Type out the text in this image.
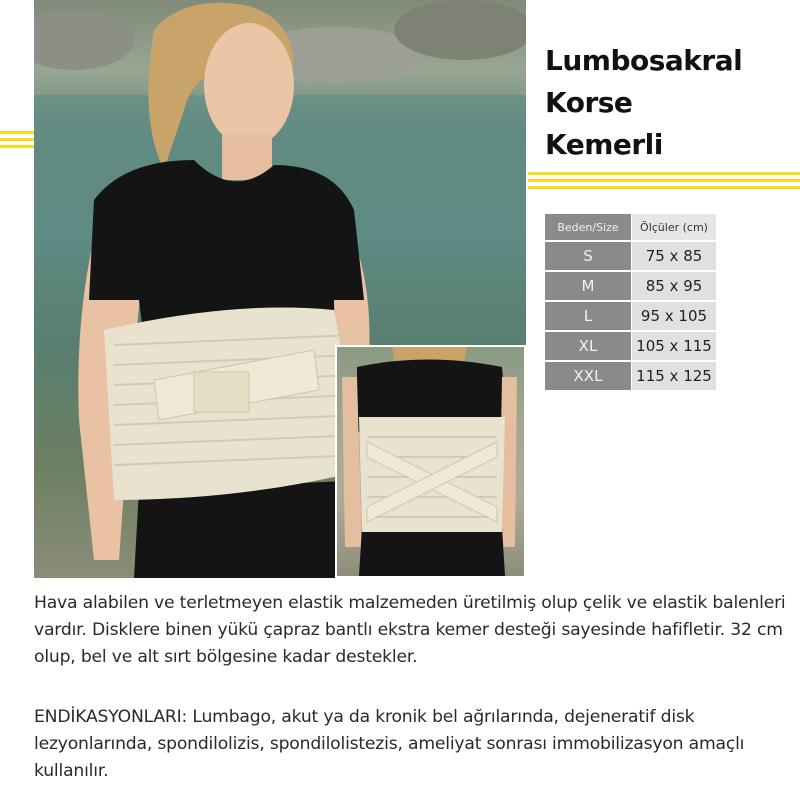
Lumbosakral
Korse
Kemerli
Beden/Size	Ölçüler (cm)
S	75 x 85
M	85 x 95
L	95 x 105
XL	105 x 115
XXL	115 x 125

Hava alabilen ve terletmeyen elastik malzemeden üretilmiş olup çelik ve elastik balenleri vardır. Disklere binen yükü çapraz bantlı ekstra kemer desteği sayesinde hafifletir. 32 cm olup, bel ve alt sırt bölgesine kadar destekler.

ENDİKASYONLARI: Lumbago, akut ya da kronik bel ağrılarında, dejeneratif disk lezyonlarında, spondilolizis, spondilolistezis, ameliyat sonrası immobilizasyon amaçlı kullanılır.
